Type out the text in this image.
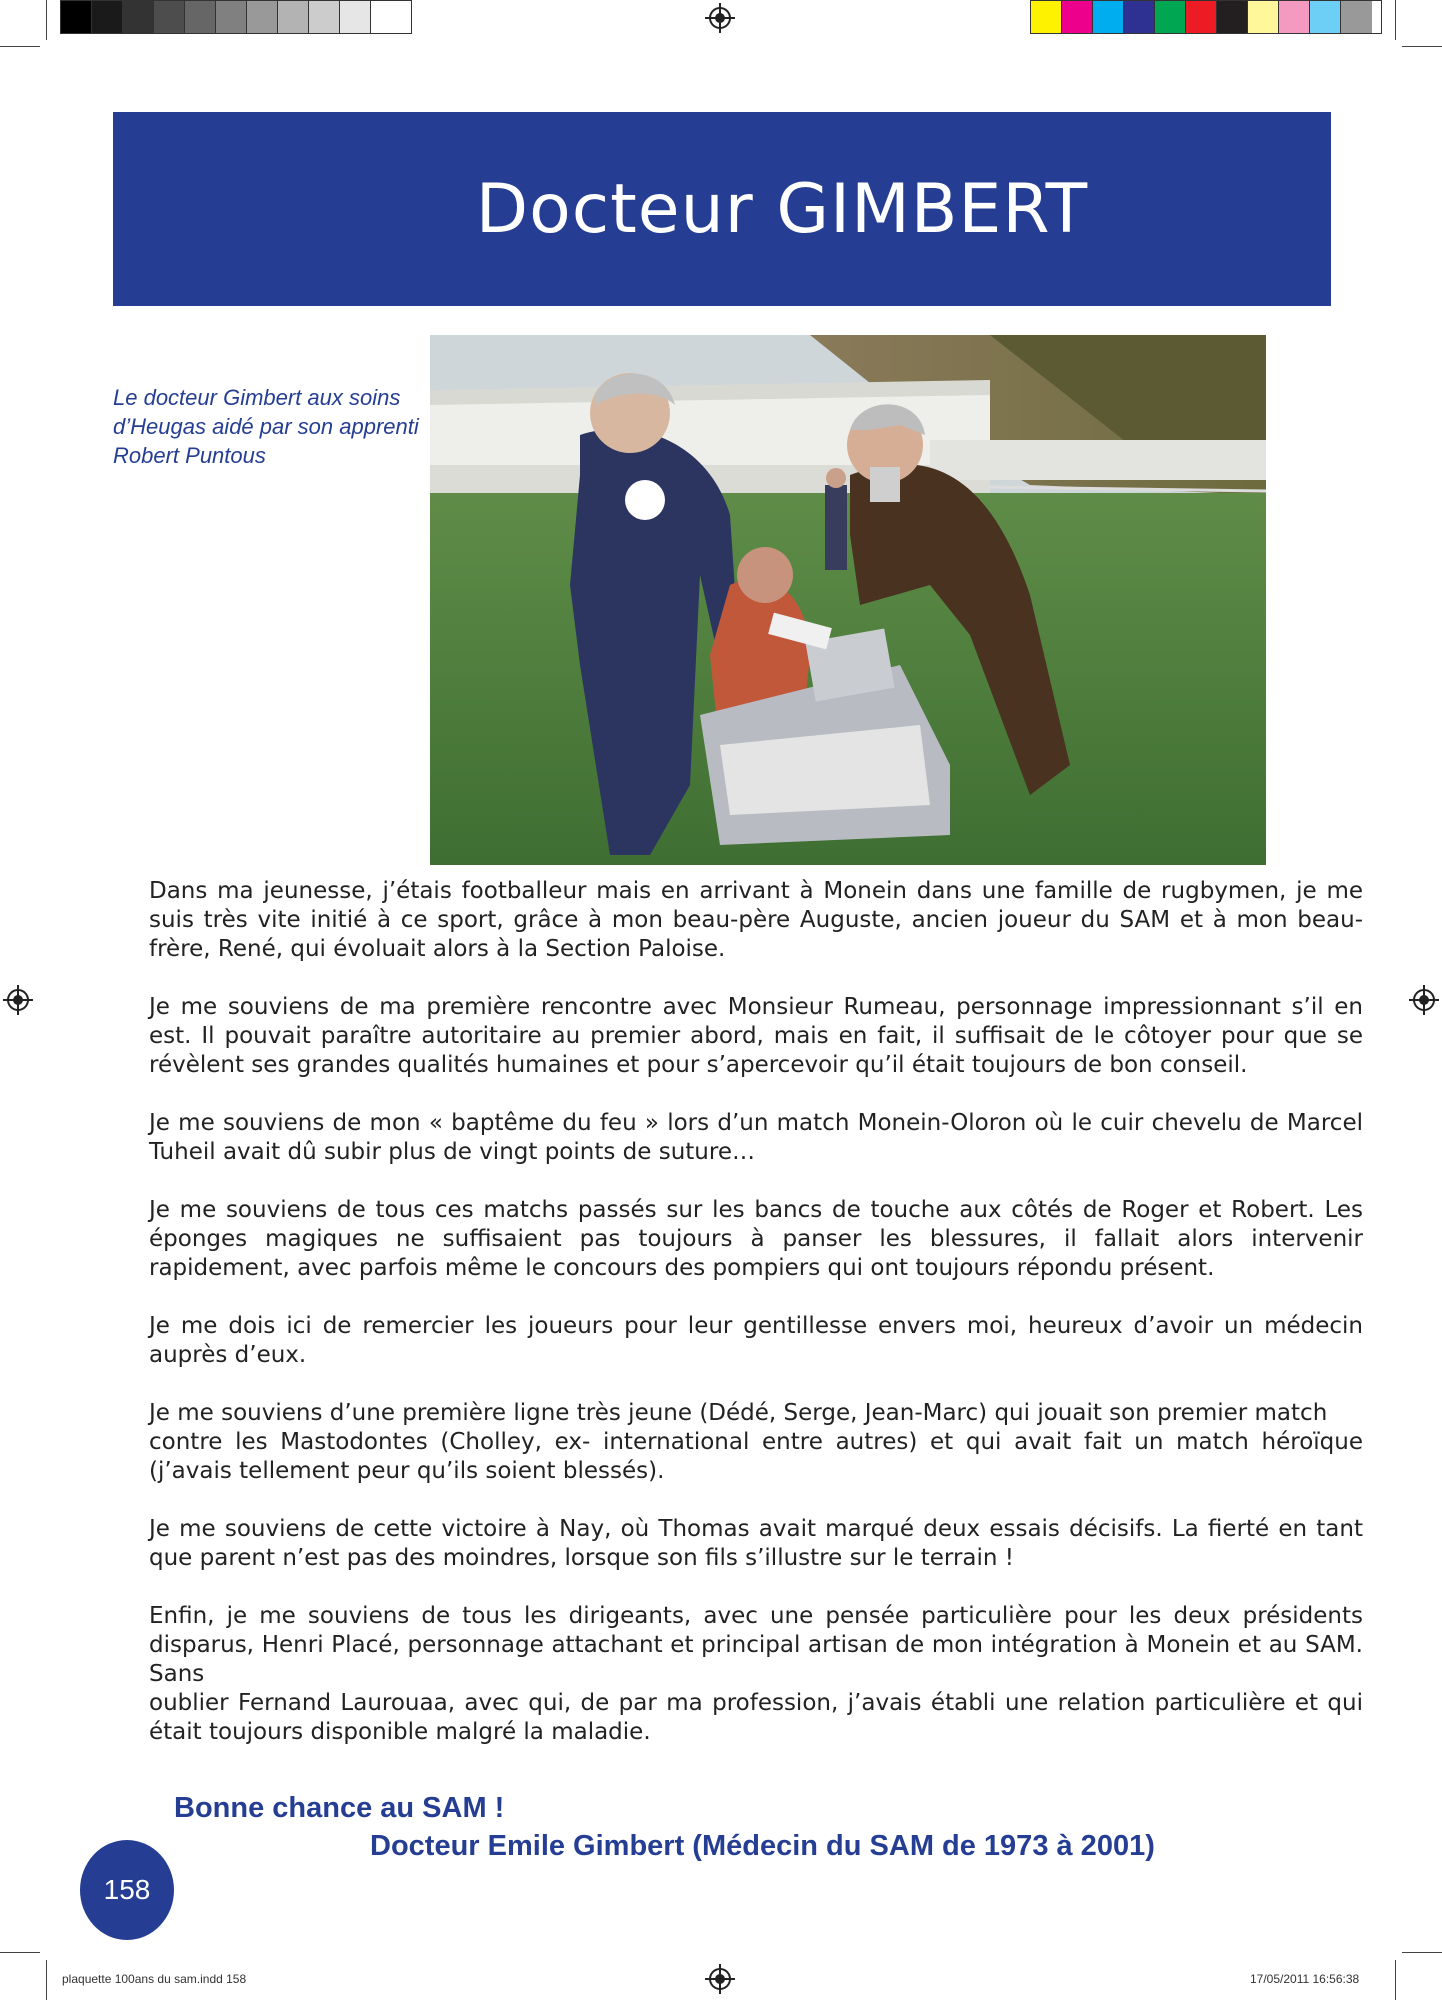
Docteur GIMBERT
Le docteur Gimbert aux soins d’Heugas aidé par son apprenti Robert Puntous

Dans ma jeunesse, j’étais footballeur mais en arrivant à Monein dans une famille de rugbymen, je me suis très vite initié à ce sport, grâce à mon beau-père Auguste, ancien joueur du SAM et à mon beau-frère, René, qui évoluait alors à la Section Paloise.

Je me souviens de ma première rencontre avec Monsieur Rumeau, personnage impressionnant s’il en est. Il pouvait paraître autoritaire au premier abord, mais en fait, il suffisait de le côtoyer pour que se révèlent ses grandes qualités humaines et pour s’apercevoir qu’il était toujours de bon conseil.

Je me souviens de mon « baptême du feu » lors d’un match Monein-Oloron où le cuir chevelu de Marcel Tuheil avait dû subir plus de vingt points de suture…

Je me souviens de tous ces matchs passés sur les bancs de touche aux côtés de Roger et Robert. Les éponges magiques ne suffisaient pas toujours à panser les blessures, il fallait alors intervenir rapidement, avec parfois même le concours des pompiers qui ont toujours répondu présent.

Je me dois ici de remercier les joueurs pour leur gentillesse envers moi, heureux d’avoir un médecin auprès d’eux.

Je me souviens d’une première ligne très jeune (Dédé, Serge, Jean-Marc) qui jouait son premier match
contre les Mastodontes (Cholley, ex- international entre autres) et qui avait fait un match héroïque (j’avais tellement peur qu’ils soient blessés).

Je me souviens de cette victoire à Nay, où Thomas avait marqué deux essais décisifs. La fierté en tant que parent n’est pas des moindres, lorsque son fils s’illustre sur le terrain !

Enfin, je me souviens de tous les dirigeants, avec une pensée particulière pour les deux présidents disparus, Henri Placé, personnage attachant et principal artisan de mon intégration à Monein et au SAM. Sans
oublier Fernand Laurouaa, avec qui, de par ma profession, j’avais établi une relation particulière et qui était toujours disponible malgré la maladie.

Bonne chance au SAM !
Docteur Emile Gimbert (Médecin du SAM de 1973 à 2001)
158
plaquette 100ans du sam.indd 158	17/05/2011 16:56:38
